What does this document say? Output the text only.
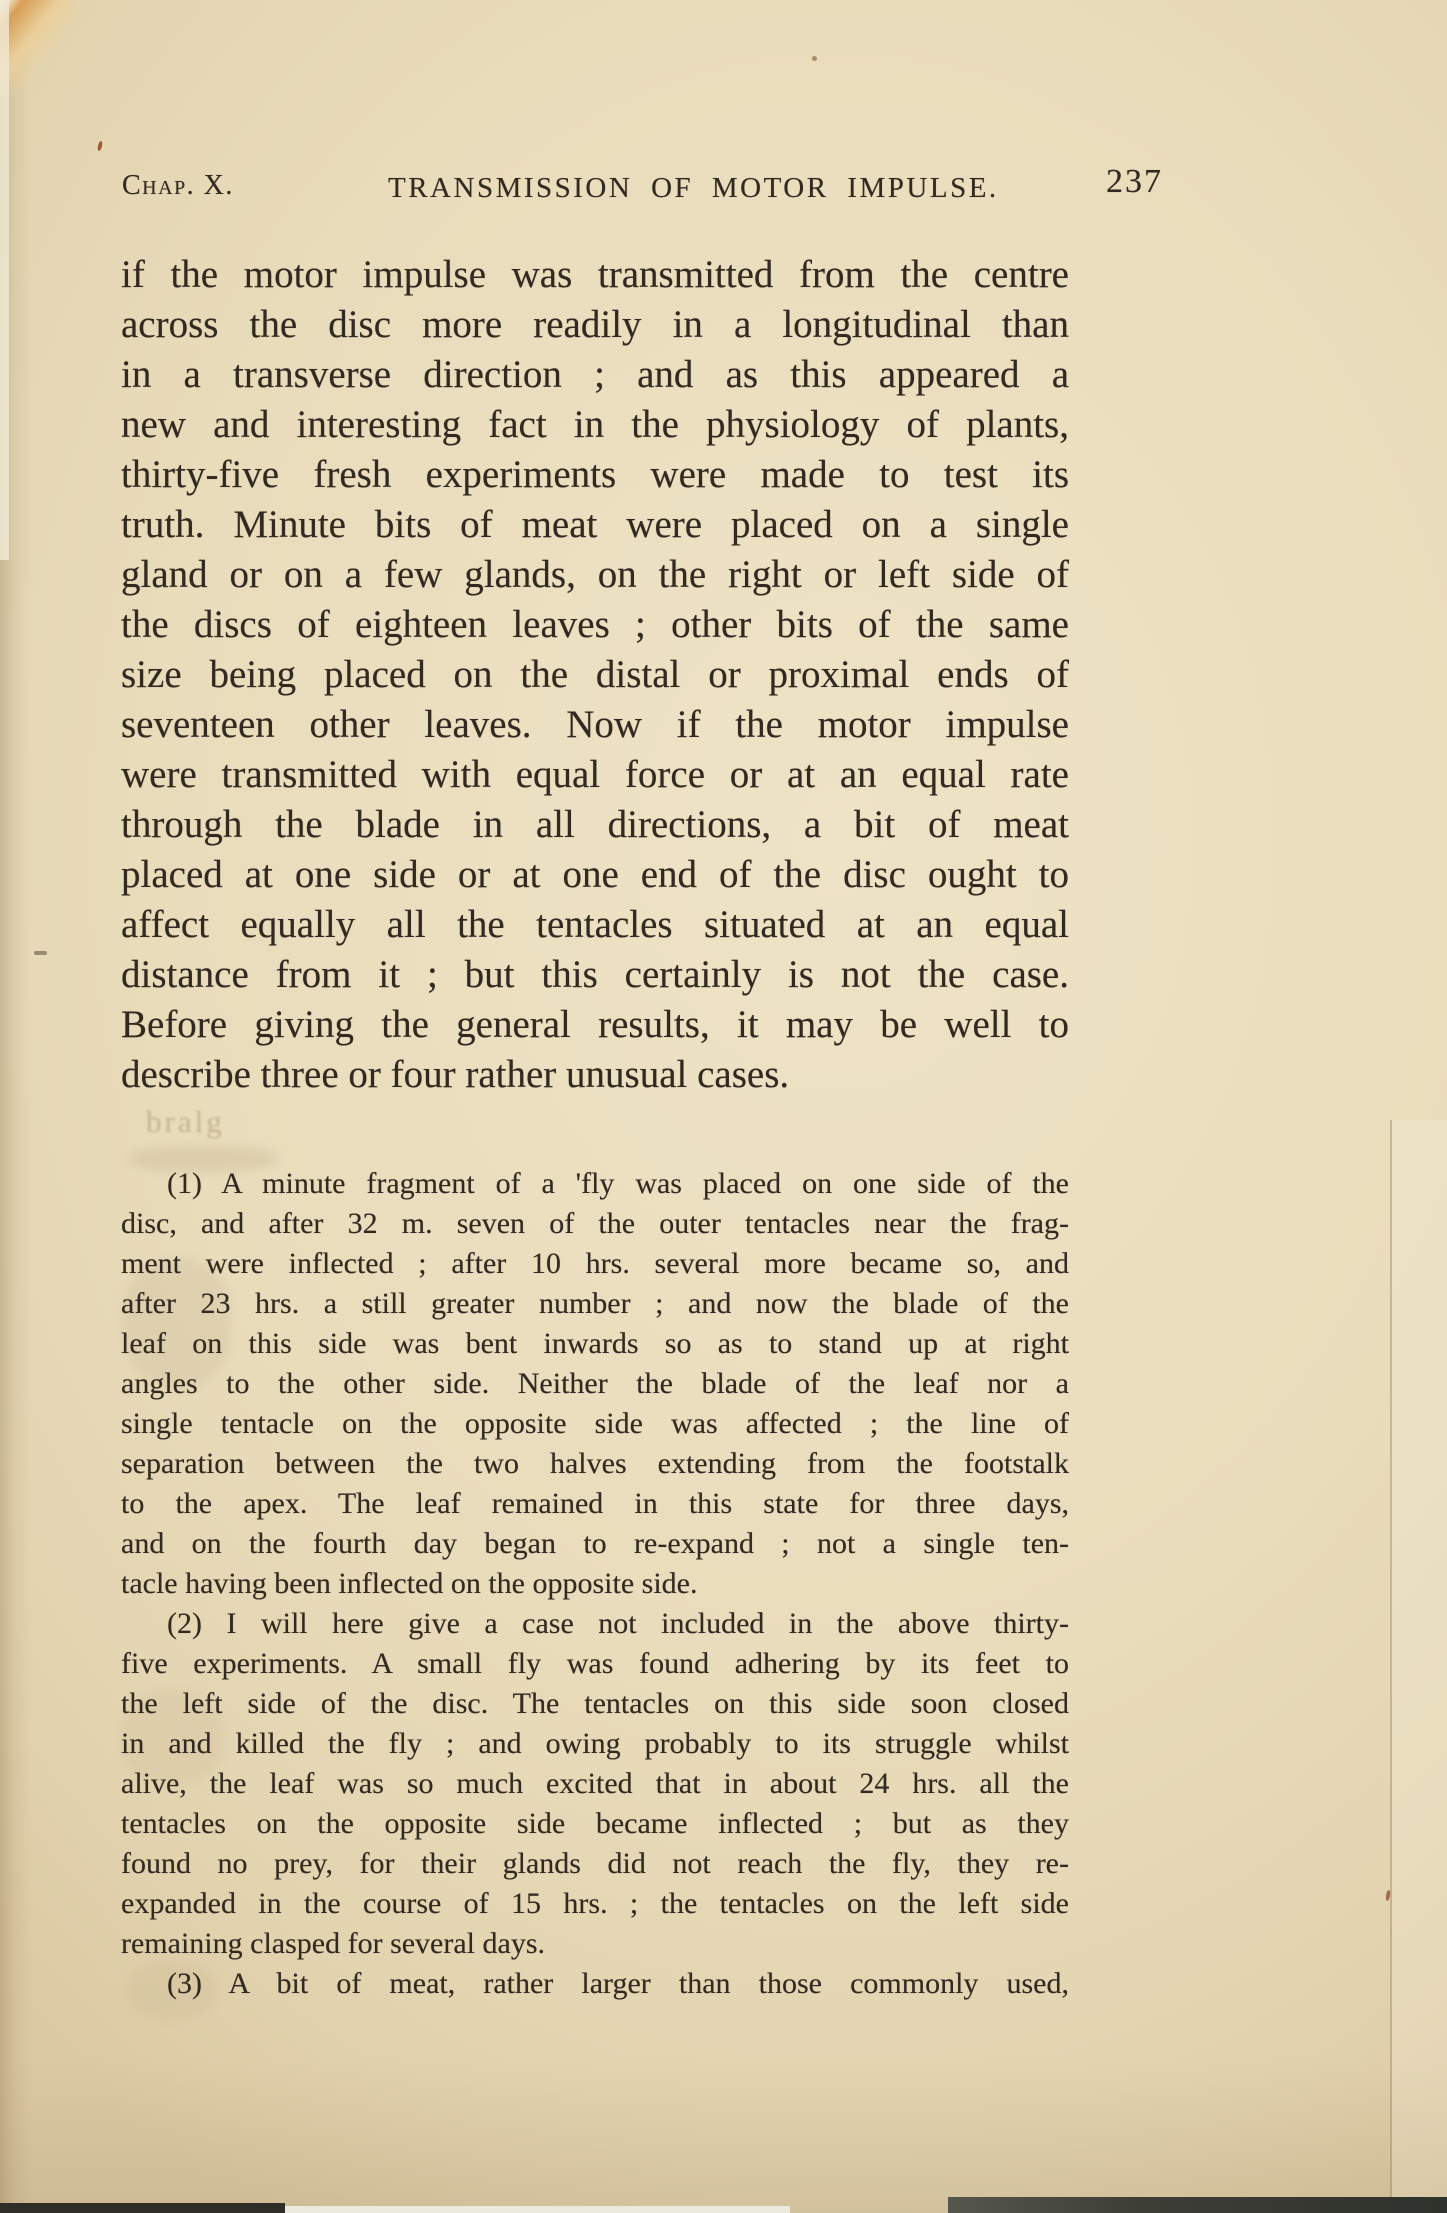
bralg
Chap. X.	TRANSMISSION OF MOTOR IMPULSE.	237
if the motor impulse was transmitted from the centre
across the disc more readily in a longitudinal than
in a transverse direction ; and as this appeared a
new and interesting fact in the physiology of plants,
thirty-five fresh experiments were made to test its
truth. Minute bits of meat were placed on a single
gland or on a few glands, on the right or left side of
the discs of eighteen leaves ; other bits of the same
size being placed on the distal or proximal ends of
seventeen other leaves. Now if the motor impulse
were transmitted with equal force or at an equal rate
through the blade in all directions, a bit of meat
placed at one side or at one end of the disc ought to
affect equally all the tentacles situated at an equal
distance from it ; but this certainly is not the case.
Before giving the general results, it may be well to
describe three or four rather unusual cases.
(1) A minute fragment of a 'fly was placed on one side of the
disc, and after 32 m. seven of the outer tentacles near the frag-
ment were inflected ; after 10 hrs. several more became so, and
after 23 hrs. a still greater number ; and now the blade of the
leaf on this side was bent inwards so as to stand up at right
angles to the other side. Neither the blade of the leaf nor a
single tentacle on the opposite side was affected ; the line of
separation between the two halves extending from the footstalk
to the apex. The leaf remained in this state for three days,
and on the fourth day began to re-expand ; not a single ten-
tacle having been inflected on the opposite side.
(2) I will here give a case not included in the above thirty-
five experiments. A small fly was found adhering by its feet to
the left side of the disc. The tentacles on this side soon closed
in and killed the fly ; and owing probably to its struggle whilst
alive, the leaf was so much excited that in about 24 hrs. all the
tentacles on the opposite side became inflected ; but as they
found no prey, for their glands did not reach the fly, they re-
expanded in the course of 15 hrs. ; the tentacles on the left side
remaining clasped for several days.
(3) A bit of meat, rather larger than those commonly used,
